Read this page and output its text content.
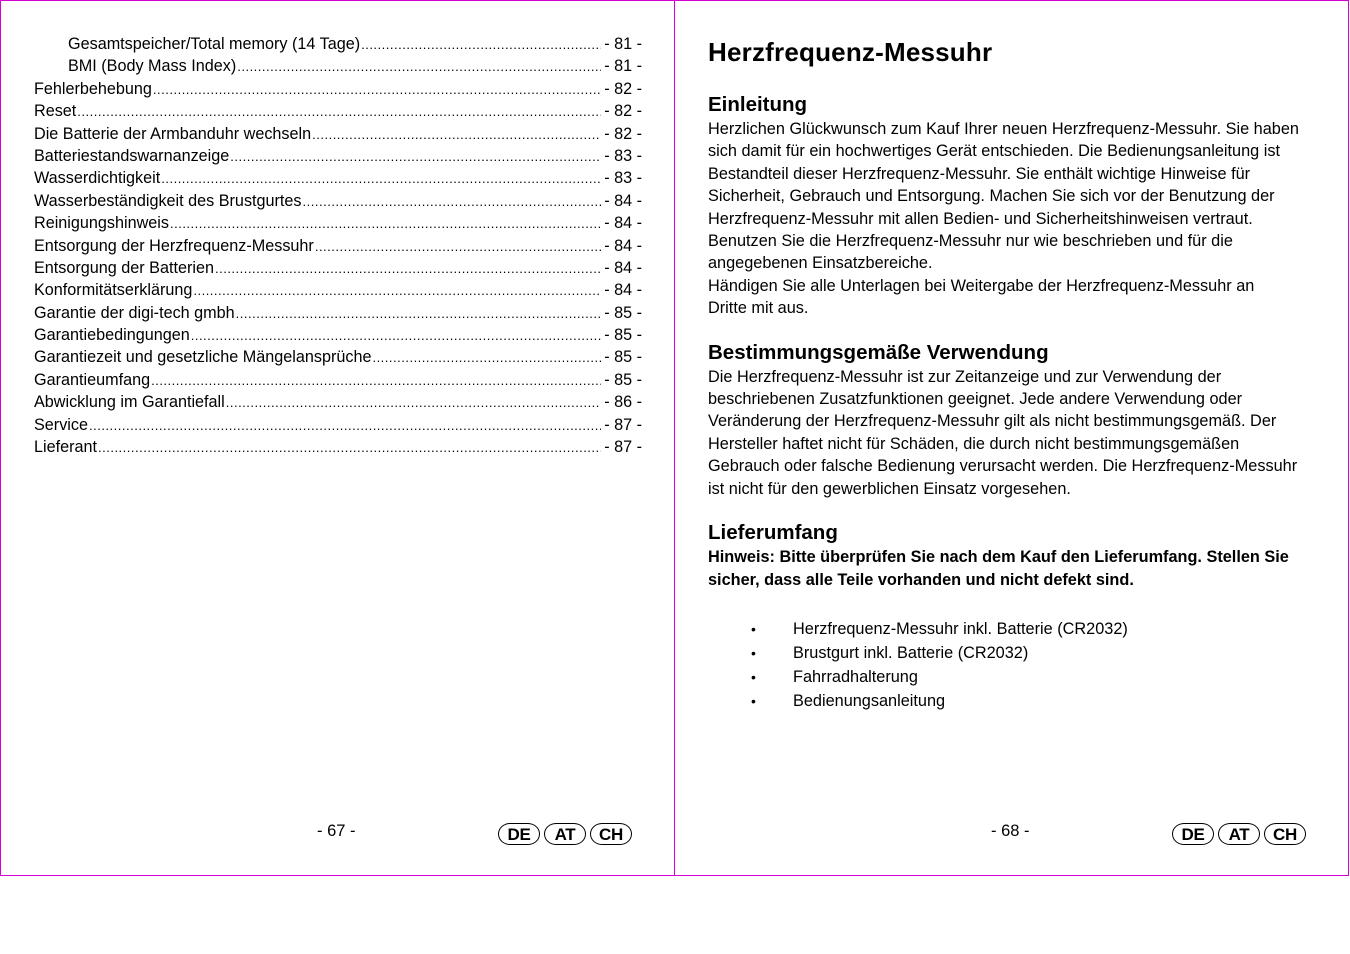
Gesamtspeicher/Total memory (14 Tage) .....	- 81 -
BMI (Body Mass Index) .....	- 81 -
Fehlerbehebung .....	- 82 -
Reset .....	- 82 -
Die Batterie der Armbanduhr wechseln .....	- 82 -
Batteriestandswarnanzeige .....	- 83 -
Wasserdichtigkeit .....	- 83 -
Wasserbeständigkeit des Brustgurtes .....	- 84 -
Reinigungshinweis .....	- 84 -
Entsorgung der Herzfrequenz-Messuhr .....	- 84 -
Entsorgung der Batterien .....	- 84 -
Konformitätserklärung .....	- 84 -
Garantie der digi-tech gmbh .....	- 85 -
Garantiebedingungen .....	- 85 -
Garantiezeit und gesetzliche Mängelansprüche .....	- 85 -
Garantieumfang .....	- 85 -
Abwicklung im Garantiefall .....	- 86 -
Service .....	- 87 -
Lieferant .....	- 87 -
- 67 -	DE	AT	CH
Herzfrequenz-Messuhr
Einleitung
Herzlichen Glückwunsch zum Kauf Ihrer neuen Herzfrequenz-Messuhr. Sie haben
sich damit für ein hochwertiges Gerät entschieden. Die Bedienungsanleitung ist
Bestandteil dieser Herzfrequenz-Messuhr. Sie enthält wichtige Hinweise für
Sicherheit, Gebrauch und Entsorgung. Machen Sie sich vor der Benutzung der
Herzfrequenz-Messuhr mit allen Bedien- und Sicherheitshinweisen vertraut.
Benutzen Sie die Herzfrequenz-Messuhr nur wie beschrieben und für die
angegebenen Einsatzbereiche.
Händigen Sie alle Unterlagen bei Weitergabe der Herzfrequenz-Messuhr an
Dritte mit aus.
Bestimmungsgemäße Verwendung
Die Herzfrequenz-Messuhr ist zur Zeitanzeige und zur Verwendung der
beschriebenen Zusatzfunktionen geeignet. Jede andere Verwendung oder
Veränderung der Herzfrequenz-Messuhr gilt als nicht bestimmungsgemäß. Der
Hersteller haftet nicht für Schäden, die durch nicht bestimmungsgemäßen
Gebrauch oder falsche Bedienung verursacht werden. Die Herzfrequenz-Messuhr
ist nicht für den gewerblichen Einsatz vorgesehen.
Lieferumfang
Hinweis: Bitte überprüfen Sie nach dem Kauf den Lieferumfang. Stellen Sie
sicher, dass alle Teile vorhanden und nicht defekt sind.
• Herzfrequenz-Messuhr inkl. Batterie (CR2032)
• Brustgurt inkl. Batterie (CR2032)
• Fahrradhalterung
• Bedienungsanleitung
- 68 -	DE	AT	CH
